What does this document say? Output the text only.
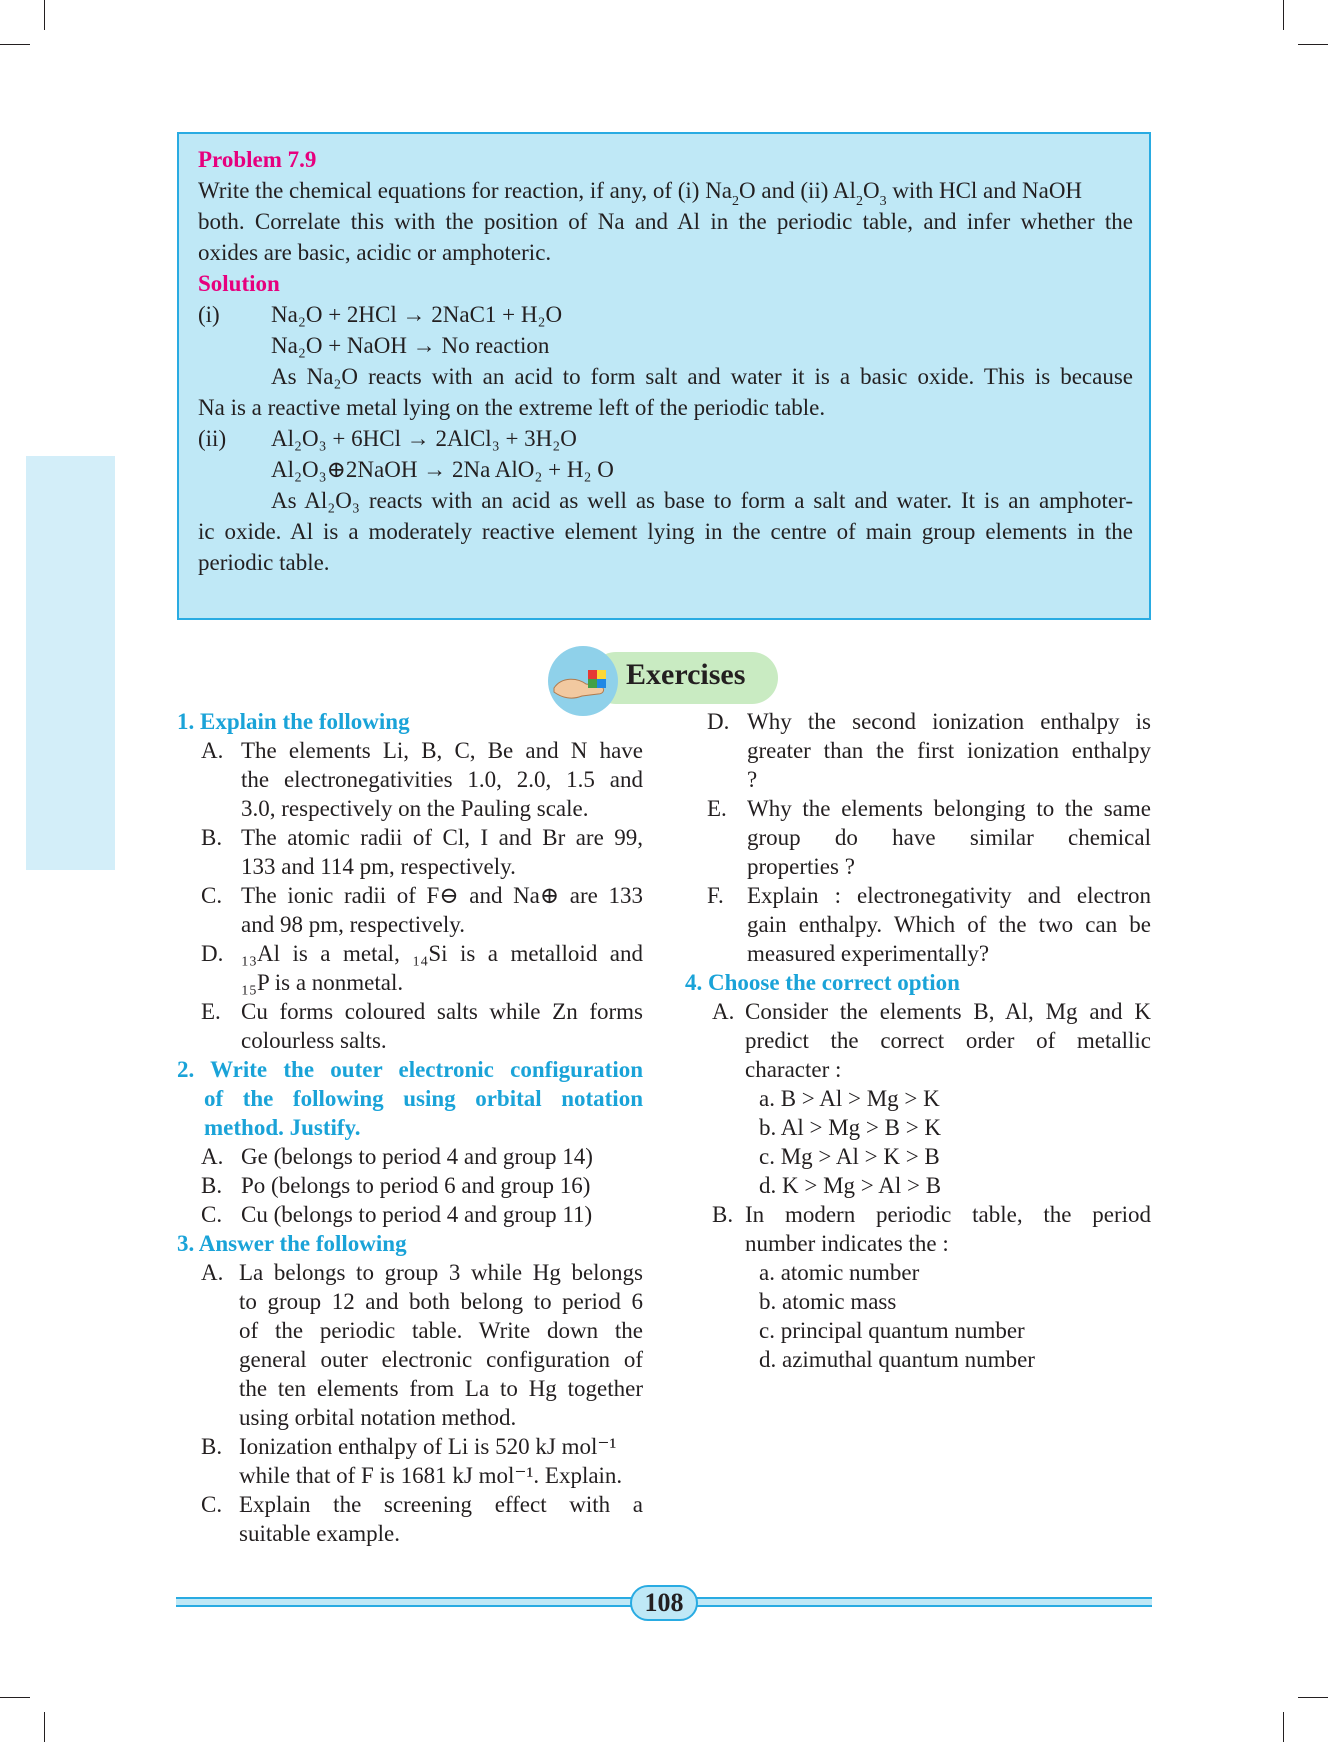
Problem 7.9
Write the chemical equations for reaction, if any, of (i) $Na_2O$ and (ii) $Al_2O_3$ with HCl and NaOH
both. Correlate this with the position of Na and Al in the periodic table, and infer whether the
oxides are basic, acidic or amphoteric.
Solution
(i) Na₂O + 2HCl → 2NaC1 + H₂O
Na₂O + NaOH → No reaction
As Na₂O reacts with an acid to form salt and water it is a basic oxide. This is because
Na is a reactive metal lying on the extreme left of the periodic table.
(ii) Al₂O₃ + 6HCl → 2AlCl₃ + 3H₂O
Al₂O₃⊕2NaOH → 2Na AlO₂ + H₂ O
As Al₂O₃ reacts with an acid as well as base to form a salt and water. It is an amphoter-
ic oxide. Al is a moderately reactive element lying in the centre of main group elements in the
periodic table.
Exercises
1. Explain the following
A. The elements Li, B, C, Be and N have
the electronegativities 1.0, 2.0, 1.5 and
3.0, respectively on the Pauling scale.
B. The atomic radii of Cl, I and Br are 99,
133 and 114 pm, respectively.
C. The ionic radii of F⊖ and Na⊕ are 133
and 98 pm, respectively.
D. ₁₃Al is a metal, ₁₄Si is a metalloid and
₁₅P is a nonmetal.
E. Cu forms coloured salts while Zn forms
colourless salts.
2. Write the outer electronic configuration
of the following using orbital notation
method. Justify.
A. Ge (belongs to period 4 and group 14)
B. Po (belongs to period 6 and group 16)
C. Cu (belongs to period 4 and group 11)
3. Answer the following
A. La belongs to group 3 while Hg belongs
to group 12 and both belong to period 6
of the periodic table. Write down the
general outer electronic configuration of
the ten elements from La to Hg together
using orbital notation method.
B. Ionization enthalpy of Li is 520 kJ mol⁻¹
while that of F is 1681 kJ mol⁻¹. Explain.
C. Explain the screening effect with a
suitable example.
D. Why the second ionization enthalpy is
greater than the first ionization enthalpy
?
E. Why the elements belonging to the same
group do have similar chemical
properties ?
F. Explain : electronegativity and electron
gain enthalpy. Which of the two can be
measured experimentally?
4. Choose the correct option
A. Consider the elements B, Al, Mg and K
predict the correct order of metallic
character :
a. B > Al > Mg > K
b. Al > Mg > B > K
c. Mg > Al > K > B
d. K > Mg > Al > B
B. In modern periodic table, the period
number indicates the :
a. atomic number
b. atomic mass
c. principal quantum number
d. azimuthal quantum number
108
